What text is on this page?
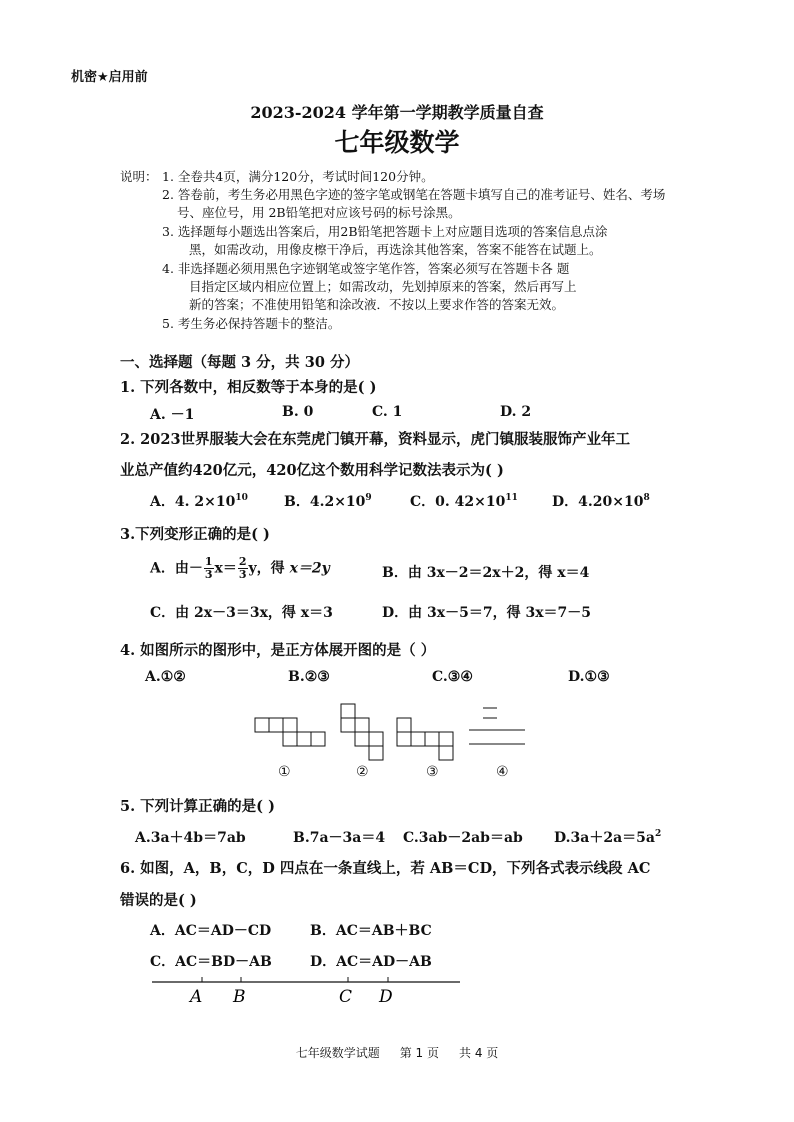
机密★启用前
2023-2024 学年第一学期教学质量自查
七年级数学
说明： 1. 全卷共4页，满分120分，考试时间120分钟。
2. 答卷前，考生务必用黑色字迹的签字笔或钢笔在答题卡填写自己的准考证号、姓名、考场
号、座位号，用 2B铅笔把对应该号码的标号涂黑。
3. 选择题每小题选出答案后，用2B铅笔把答题卡上对应题目选项的答案信息点涂
黑，如需改动，用像皮檫干净后，再选涂其他答案，答案不能答在试题上。
4. 非选择题必须用黑色字迹钢笔或签字笔作答，答案必须写在答题卡各 题
目指定区域内相应位置上；如需改动，先划掉原来的答案，然后再写上
新的答案；不准使用铅笔和涂改液．不按以上要求作答的答案无效。
5. 考生务必保持答题卡的整洁。
一、选择题（每题 3 分，共 30 分）
1. 下列各数中，相反数等于本身的是( )
A. －1	B. 0	C. 1	D. 2
2. 2023世界服装大会在东莞虎门镇开幕，资料显示，虎门镇服装服饰产业年工
业总产值约420亿元，420亿这个数用科学记数法表示为( )
A．4. $2\times 10^{10}$	B．$4.2\times 10^9$	C．0. $42\times 10^{11}$ D．$4.20\times 10^8$
3.下列变形正确的是( )
A．由－ $\frac{1}{3} x= \frac{2}{3}$ y，得 x＝2y	B．由 3x－2＝2x＋2，得 x＝4
C．由 2x－3＝3x，得 x＝3	D．由 3x－5＝7，得 3x＝7－5
4. 如图所示的图形中，是正方体展开图的是（ ）
A.①②	B.②③	C.③④	D.①③
①	②	③	④
5. 下列计算正确的是( )
A.3a＋4b＝7ab	B.7a－3a＝4 C.3ab－2ab＝ab $D.3a+2a=5a^2$
6. 如图，A，B，C，D 四点在一条直线上，若 AB＝CD，下列各式表示线段 AC
错误的是( )
A．AC＝AD－CD	B．AC＝AB＋BC
C．AC＝BD－AB	D．AC＝AD－AB
A B	C D
七年级数学试题 第 1 页 共 4 页
